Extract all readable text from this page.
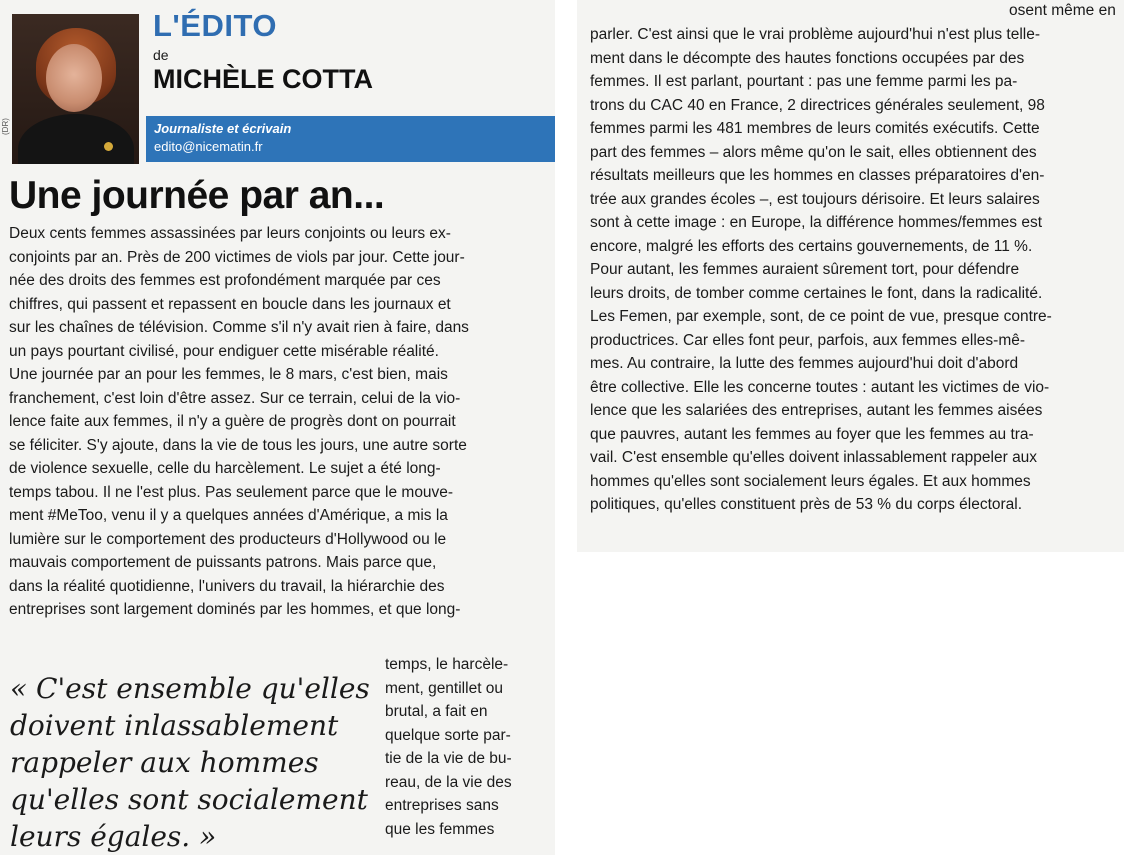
(DR)
L'ÉDITO
de
MICHÈLE COTTA
Journaliste et écrivain
edito@nicematin.fr
Une journée par an...
Deux cents femmes assassinées par leurs conjoints ou leurs ex-
conjoints par an. Près de 200 victimes de viols par jour. Cette jour-
née des droits des femmes est profondément marquée par ces
chiffres, qui passent et repassent en boucle dans les journaux et
sur les chaînes de télévision. Comme s'il n'y avait rien à faire, dans
un pays pourtant civilisé, pour endiguer cette misérable réalité.
Une journée par an pour les femmes, le 8 mars, c'est bien, mais
franchement, c'est loin d'être assez. Sur ce terrain, celui de la vio-
lence faite aux femmes, il n'y a guère de progrès dont on pourrait
se féliciter. S'y ajoute, dans la vie de tous les jours, une autre sorte
de violence sexuelle, celle du harcèlement. Le sujet a été long-
temps tabou. Il ne l'est plus. Pas seulement parce que le mouve-
ment #MeToo, venu il y a quelques années d'Amérique, a mis la
lumière sur le comportement des producteurs d'Hollywood ou le
mauvais comportement de puissants patrons. Mais parce que,
dans la réalité quotidienne, l'univers du travail, la hiérarchie des
entreprises sont largement dominés par les hommes, et que long-
« C'est ensemble qu'elles
doivent inlassablement
rappeler aux hommes
qu'elles sont socialement
leurs égales. »
temps, le harcèle-
ment, gentillet ou
brutal, a fait en
quelque sorte par-
tie de la vie de bu-
reau, de la vie des
entreprises sans
que les femmes
osent même en
parler. C'est ainsi que le vrai problème aujourd'hui n'est plus telle-
ment dans le décompte des hautes fonctions occupées par des
femmes. Il est parlant, pourtant : pas une femme parmi les pa-
trons du CAC 40 en France, 2 directrices générales seulement, 98
femmes parmi les 481 membres de leurs comités exécutifs. Cette
part des femmes – alors même qu'on le sait, elles obtiennent des
résultats meilleurs que les hommes en classes préparatoires d'en-
trée aux grandes écoles –, est toujours dérisoire. Et leurs salaires
sont à cette image : en Europe, la différence hommes/femmes est
encore, malgré les efforts des certains gouvernements, de 11 %.
Pour autant, les femmes auraient sûrement tort, pour défendre
leurs droits, de tomber comme certaines le font, dans la radicalité.
Les Femen, par exemple, sont, de ce point de vue, presque contre-
productrices. Car elles font peur, parfois, aux femmes elles-mê-
mes. Au contraire, la lutte des femmes aujourd'hui doit d'abord
être collective. Elle les concerne toutes : autant les victimes de vio-
lence que les salariées des entreprises, autant les femmes aisées
que pauvres, autant les femmes au foyer que les femmes au tra-
vail. C'est ensemble qu'elles doivent inlassablement rappeler aux
hommes qu'elles sont socialement leurs égales. Et aux hommes
politiques, qu'elles constituent près de 53 % du corps électoral.
